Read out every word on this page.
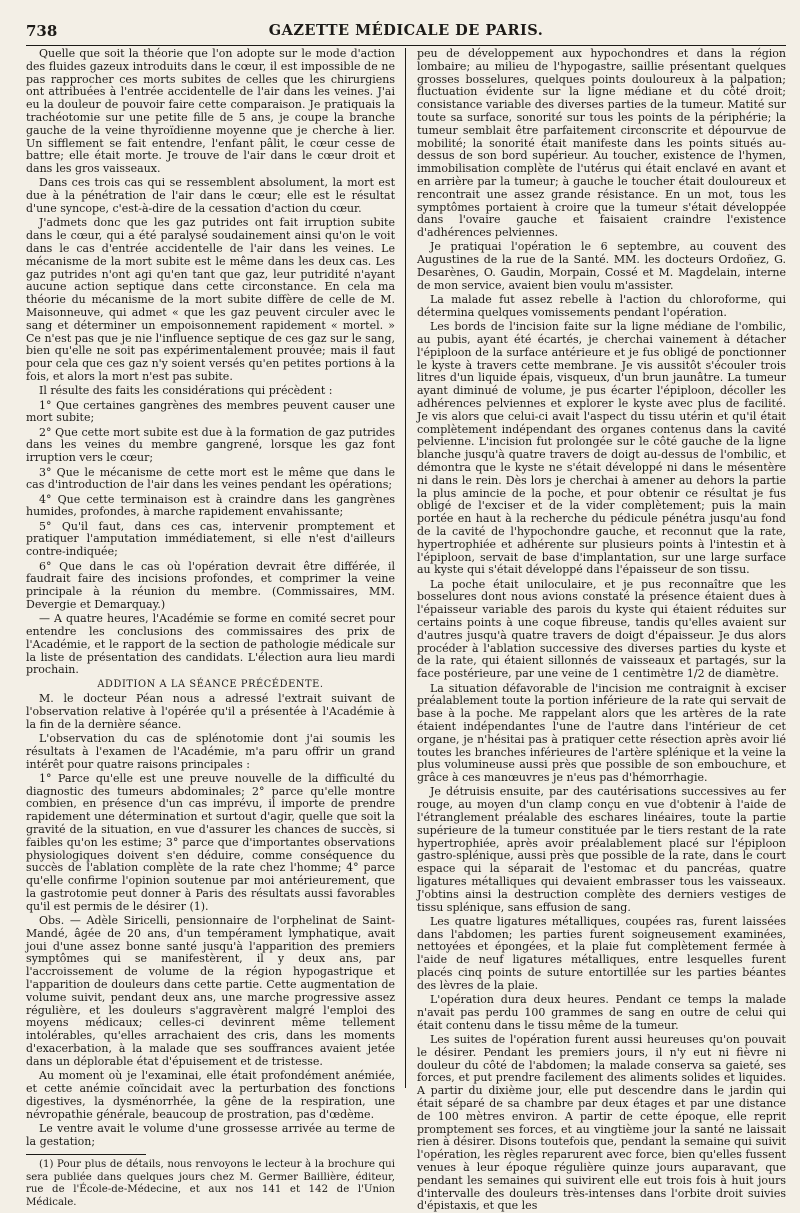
738	GAZETTE MÉDICALE DE PARIS.

Quelle que soit la théorie que l'on adopte sur le mode d'action des fluides gazeux introduits dans le cœur, il est impossible de ne pas rapprocher ces morts subites de celles que les chirurgiens ont attribuées à l'entrée accidentelle de l'air dans les veines. J'ai eu la douleur de pouvoir faire cette comparaison. Je pratiquais la trachéotomie sur une petite fille de 5 ans, je coupe la branche gauche de la veine thyroïdienne moyenne que je cherche à lier. Un sifflement se fait entendre, l'enfant pâlit, le cœur cesse de battre; elle était morte. Je trouve de l'air dans le cœur droit et dans les gros vaisseaux.

Dans ces trois cas qui se ressemblent absolument, la mort est due à la pénétration de l'air dans le cœur; elle est le résultat d'une syncope, c'est-à-dire de la cessation d'action du cœur.

J'admets donc que les gaz putrides ont fait irruption subite dans le cœur, qui a été paralysé soudainement ainsi qu'on le voit dans le cas d'entrée accidentelle de l'air dans les veines. Le mécanisme de la mort subite est le même dans les deux cas. Les gaz putrides n'ont agi qu'en tant que gaz, leur putridité n'ayant aucune action septique dans cette circonstance. En cela ma théorie du mécanisme de la mort subite diffère de celle de M. Maisonneuve, qui admet « que les gaz peuvent circuler avec le sang et déterminer un empoisonnement rapidement « mortel. » Ce n'est pas que je nie l'influence septique de ces gaz sur le sang, bien qu'elle ne soit pas expérimentalement prouvée; mais il faut pour cela que ces gaz n'y soient versés qu'en petites portions à la fois, et alors la mort n'est pas subite.

Il résulte des faits les considérations qui précèdent :

1° Que certaines gangrènes des membres peuvent causer une mort subite;

2° Que cette mort subite est due à la formation de gaz putrides dans les veines du membre gangrené, lorsque les gaz font irruption vers le cœur;

3° Que le mécanisme de cette mort est le même que dans le cas d'introduction de l'air dans les veines pendant les opérations;

4° Que cette terminaison est à craindre dans les gangrènes humides, profondes, à marche rapidement envahissante;

5° Qu'il faut, dans ces cas, intervenir promptement et pratiquer l'amputation immédiatement, si elle n'est d'ailleurs contre-indiquée;

6° Que dans le cas où l'opération devrait être différée, il faudrait faire des incisions profondes, et comprimer la veine principale à la réunion du membre. (Commissaires, MM. Devergie et Demarquay.)

— A quatre heures, l'Académie se forme en comité secret pour entendre les conclusions des commissaires des prix de l'Académie, et le rapport de la section de pathologie médicale sur la liste de présentation des candidats. L'élection aura lieu mardi prochain.

ADDITION A LA SÉANCE PRÉCÉDENTE.

M. le docteur Péan nous a adressé l'extrait suivant de l'observation relative à l'opérée qu'il a présentée à l'Académie à la fin de la dernière séance.

L'observation du cas de splénotomie dont j'ai soumis les résultats à l'examen de l'Académie, m'a paru offrir un grand intérêt pour quatre raisons principales :

1° Parce qu'elle est une preuve nouvelle de la difficulté du diagnostic des tumeurs abdominales; 2° parce qu'elle montre combien, en présence d'un cas imprévu, il importe de prendre rapidement une détermination et surtout d'agir, quelle que soit la gravité de la situation, en vue d'assurer les chances de succès, si faibles qu'on les estime; 3° parce que d'importantes observations physiologiques doivent s'en déduire, comme conséquence du succès de l'ablation complète de la rate chez l'homme; 4° parce qu'elle confirme l'opinion soutenue par moi antérieurement, que la gastrotomie peut donner à Paris des résultats aussi favorables qu'il est permis de le désirer (1).

Obs. — Adèle Siricelli, pensionnaire de l'orphelinat de Saint-Mandé, âgée de 20 ans, d'un tempérament lymphatique, avait joui d'une assez bonne santé jusqu'à l'apparition des premiers symptômes qui se manifestèrent, il y deux ans, par l'accroissement de volume de la région hypogastrique et l'apparition de douleurs dans cette partie. Cette augmentation de volume suivit, pendant deux ans, une marche progressive assez régulière, et les douleurs s'aggravèrent malgré l'emploi des moyens médicaux; celles-ci devinrent même tellement intolérables, qu'elles arrachaient des cris, dans les moments d'exacerbation, à la malade que ses souffrances avaient jetée dans un déplorable état d'épuisement et de tristesse.

Au moment où je l'examinai, elle était profondément anémiée, et cette anémie coïncidait avec la perturbation des fonctions digestives, la dysménorrhée, la gêne de la respiration, une névropathie générale, beaucoup de prostration, pas d'œdème.

Le ventre avait le volume d'une grossesse arrivée au terme de la gestation;

(1) Pour plus de détails, nous renvoyons le lecteur à la brochure qui sera publiée dans quelques jours chez M. Germer Baillière, éditeur, rue de l'École-de-Médecine, et aux nos 141 et 142 de l'Union Médicale.

peu de développement aux hypochondres et dans la région lombaire; au milieu de l'hypogastre, saillie présentant quelques grosses bosselures, quelques points douloureux à la palpation; fluctuation évidente sur la ligne médiane et du côté droit; consistance variable des diverses parties de la tumeur. Matité sur toute sa surface, sonorité sur tous les points de la périphérie; la tumeur semblait être parfaitement circonscrite et dépourvue de mobilité; la sonorité était manifeste dans les points situés au-dessus de son bord supérieur. Au toucher, existence de l'hymen, immobilisation complète de l'utérus qui était enclavé en avant et en arrière par la tumeur; à gauche le toucher était douloureux et rencontrait une assez grande résistance. En un mot, tous les symptômes portaient à croire que la tumeur s'était développée dans l'ovaire gauche et faisaient craindre l'existence d'adhérences pelviennes.

Je pratiquai l'opération le 6 septembre, au couvent des Augustines de la rue de la Santé. MM. les docteurs Ordoñez, G. Desarènes, O. Gaudin, Morpain, Cossé et M. Magdelain, interne de mon service, avaient bien voulu m'assister.

La malade fut assez rebelle à l'action du chloroforme, qui détermina quelques vomissements pendant l'opération.

Les bords de l'incision faite sur la ligne médiane de l'ombilic, au pubis, ayant été écartés, je cherchai vainement à détacher l'épiploon de la surface antérieure et je fus obligé de ponctionner le kyste à travers cette membrane. Je vis aussitôt s'écouler trois litres d'un liquide épais, visqueux, d'un brun jaunâtre. La tumeur ayant diminué de volume, je pus écarter l'épiploon, décoller les adhérences pelviennes et explorer le kyste avec plus de facilité. Je vis alors que celui-ci avait l'aspect du tissu utérin et qu'il était complètement indépendant des organes contenus dans la cavité pelvienne. L'incision fut prolongée sur le côté gauche de la ligne blanche jusqu'à quatre travers de doigt au-dessus de l'ombilic, et démontra que le kyste ne s'était développé ni dans le mésentère ni dans le rein. Dès lors je cherchai à amener au dehors la partie la plus amincie de la poche, et pour obtenir ce résultat je fus obligé de l'exciser et de la vider complètement; puis la main portée en haut à la recherche du pédicule pénétra jusqu'au fond de la cavité de l'hypochondre gauche, et reconnut que la rate, hypertrophiée et adhérente sur plusieurs points à l'intestin et à l'épiploon, servait de base d'implantation, sur une large surface au kyste qui s'était développé dans l'épaisseur de son tissu.

La poche était uniloculaire, et je pus reconnaître que les bosselures dont nous avions constaté la présence étaient dues à l'épaisseur variable des parois du kyste qui étaient réduites sur certains points à une coque fibreuse, tandis qu'elles avaient sur d'autres jusqu'à quatre travers de doigt d'épaisseur. Je dus alors procéder à l'ablation successive des diverses parties du kyste et de la rate, qui étaient sillonnés de vaisseaux et partagés, sur la face postérieure, par une veine de 1 centimètre 1/2 de diamètre.

La situation défavorable de l'incision me contraignit à exciser préalablement toute la portion inférieure de la rate qui servait de base à la poche. Me rappelant alors que les artères de la rate étaient indépendantes l'une de l'autre dans l'intérieur de cet organe, je n'hésitai pas à pratiquer cette résection après avoir lié toutes les branches inférieures de l'artère splénique et la veine la plus volumineuse aussi près que possible de son embouchure, et grâce à ces manœuvres je n'eus pas d'hémorrhagie.

Je détruisis ensuite, par des cautérisations successives au fer rouge, au moyen d'un clamp conçu en vue d'obtenir à l'aide de l'étranglement préalable des eschares linéaires, toute la partie supérieure de la tumeur constituée par le tiers restant de la rate hypertrophiée, après avoir préalablement placé sur l'épiploon gastro-splénique, aussi près que possible de la rate, dans le court espace qui la séparait de l'estomac et du pancréas, quatre ligatures métalliques qui devaient embrasser tous les vaisseaux. J'obtins ainsi la destruction complète des derniers vestiges de tissu splénique, sans effusion de sang.

Les quatre ligatures métalliques, coupées ras, furent laissées dans l'abdomen; les parties furent soigneusement examinées, nettoyées et épongées, et la plaie fut complètement fermée à l'aide de neuf ligatures métalliques, entre lesquelles furent placés cinq points de suture entortillée sur les parties béantes des lèvres de la plaie.

L'opération dura deux heures. Pendant ce temps la malade n'avait pas perdu 100 grammes de sang en outre de celui qui était contenu dans le tissu même de la tumeur.

Les suites de l'opération furent aussi heureuses qu'on pouvait le désirer. Pendant les premiers jours, il n'y eut ni fièvre ni douleur du côté de l'abdomen; la malade conserva sa gaieté, ses forces, et put prendre facilement des aliments solides et liquides. A partir du dixième jour, elle put descendre dans le jardin qui était séparé de sa chambre par deux étages et par une distance de 100 mètres environ. A partir de cette époque, elle reprit promptement ses forces, et au vingtième jour la santé ne laissait rien à désirer. Disons toutefois que, pendant la semaine qui suivit l'opération, les règles reparurent avec force, bien qu'elles fussent venues à leur époque régulière quinze jours auparavant, que pendant les semaines qui suivirent elle eut trois fois à huit jours d'intervalle des douleurs très-intenses dans l'orbite droit suivies d'épistaxis, et que les
